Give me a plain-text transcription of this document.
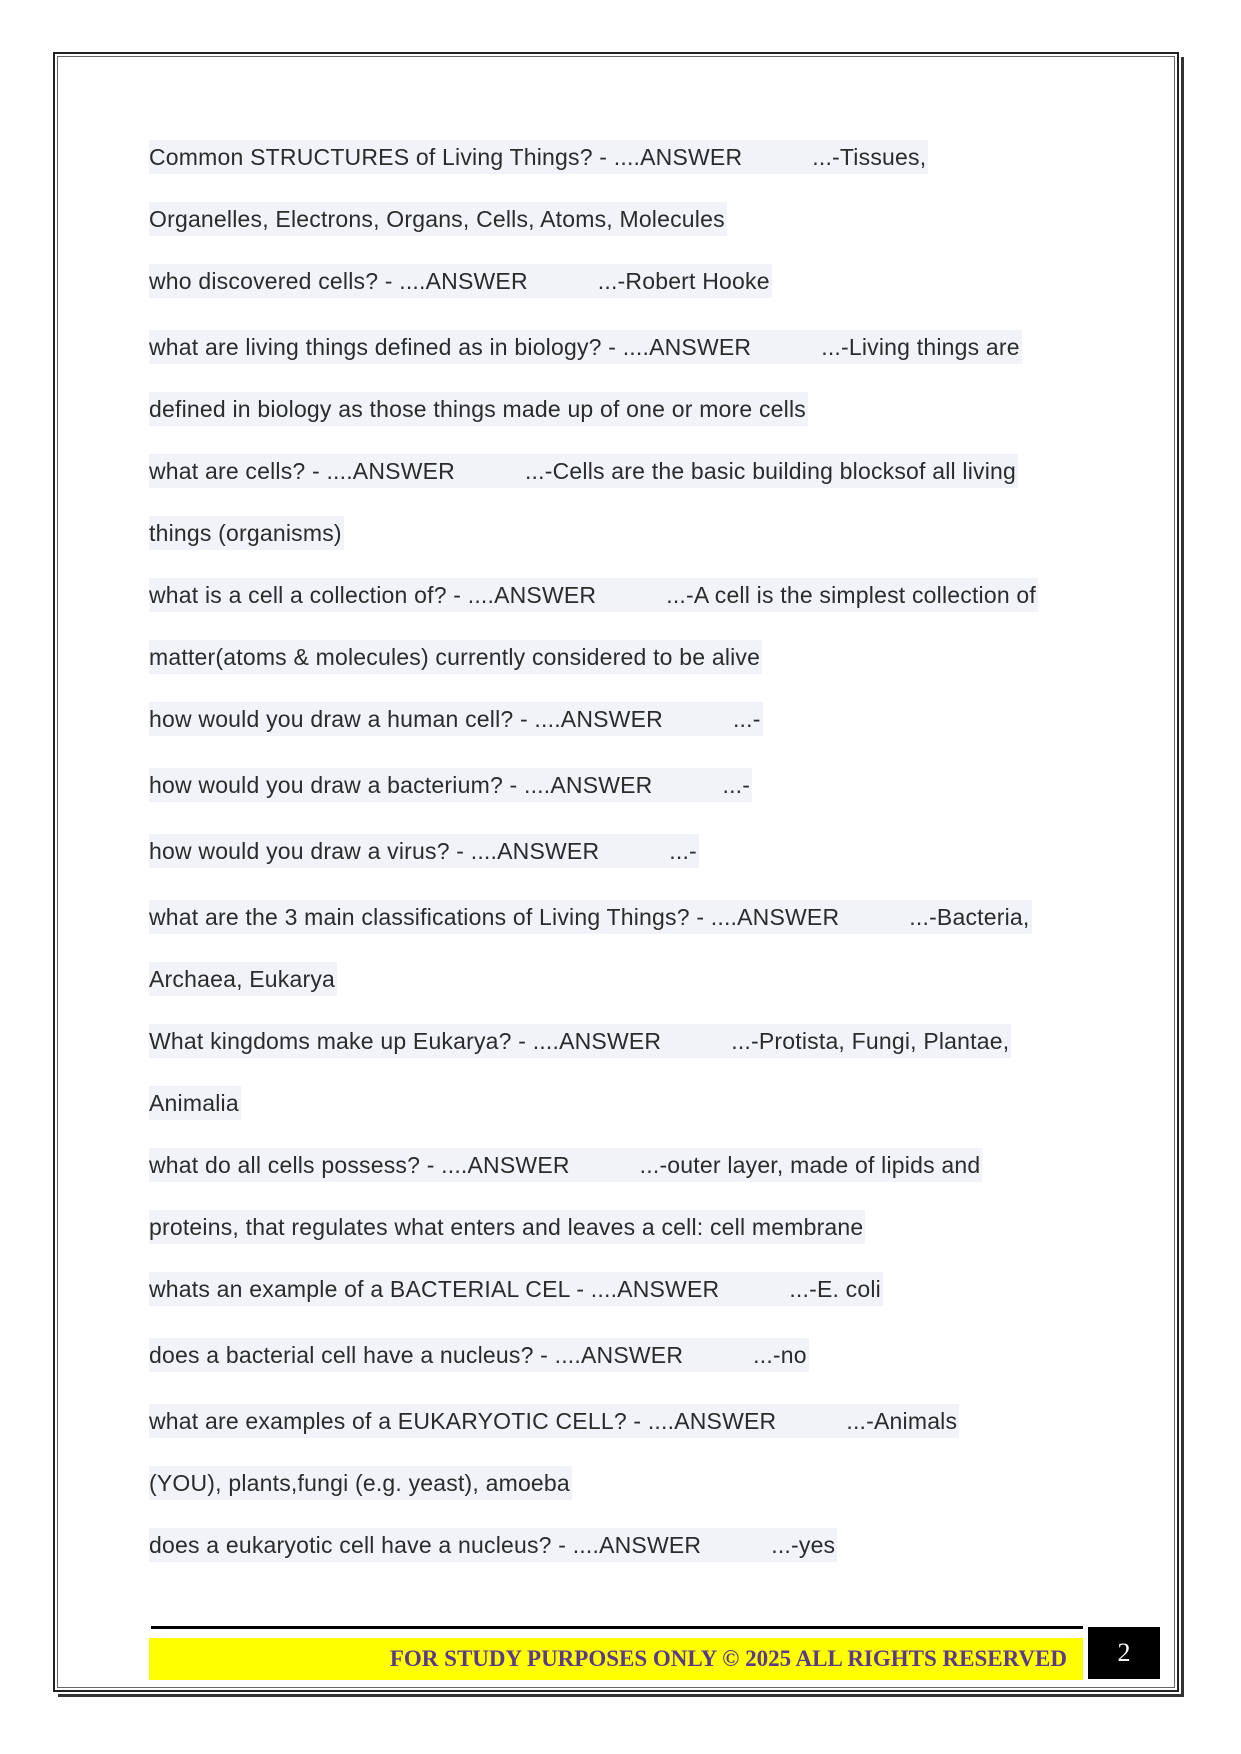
Common STRUCTURES of Living Things? - ....ANSWER	...-Tissues,
Organelles, Electrons, Organs, Cells, Atoms, Molecules
who discovered cells? - ....ANSWER	...-Robert Hooke
what are living things defined as in biology? - ....ANSWER	...-Living things are
defined in biology as those things made up of one or more cells
what are cells? - ....ANSWER	...-Cells are the basic building blocksof all living
things (organisms)
what is a cell a collection of? - ....ANSWER	...-A cell is the simplest collection of
matter(atoms & molecules) currently considered to be alive
how would you draw a human cell? - ....ANSWER	...-
how would you draw a bacterium? - ....ANSWER	...-
how would you draw a virus? - ....ANSWER	...-
what are the 3 main classifications of Living Things? - ....ANSWER	...-Bacteria,
Archaea, Eukarya
What kingdoms make up Eukarya? - ....ANSWER	...-Protista, Fungi, Plantae,
Animalia
what do all cells possess? - ....ANSWER	...-outer layer, made of lipids and
proteins, that regulates what enters and leaves a cell: cell membrane
whats an example of a BACTERIAL CEL - ....ANSWER	...-E. coli
does a bacterial cell have a nucleus? - ....ANSWER	...-no
what are examples of a EUKARYOTIC CELL? - ....ANSWER	...-Animals
(YOU), plants,fungi (e.g. yeast), amoeba
does a eukaryotic cell have a nucleus? - ....ANSWER	...-yes
FOR STUDY PURPOSES ONLY © 2025 ALL RIGHTS RESERVED	2
